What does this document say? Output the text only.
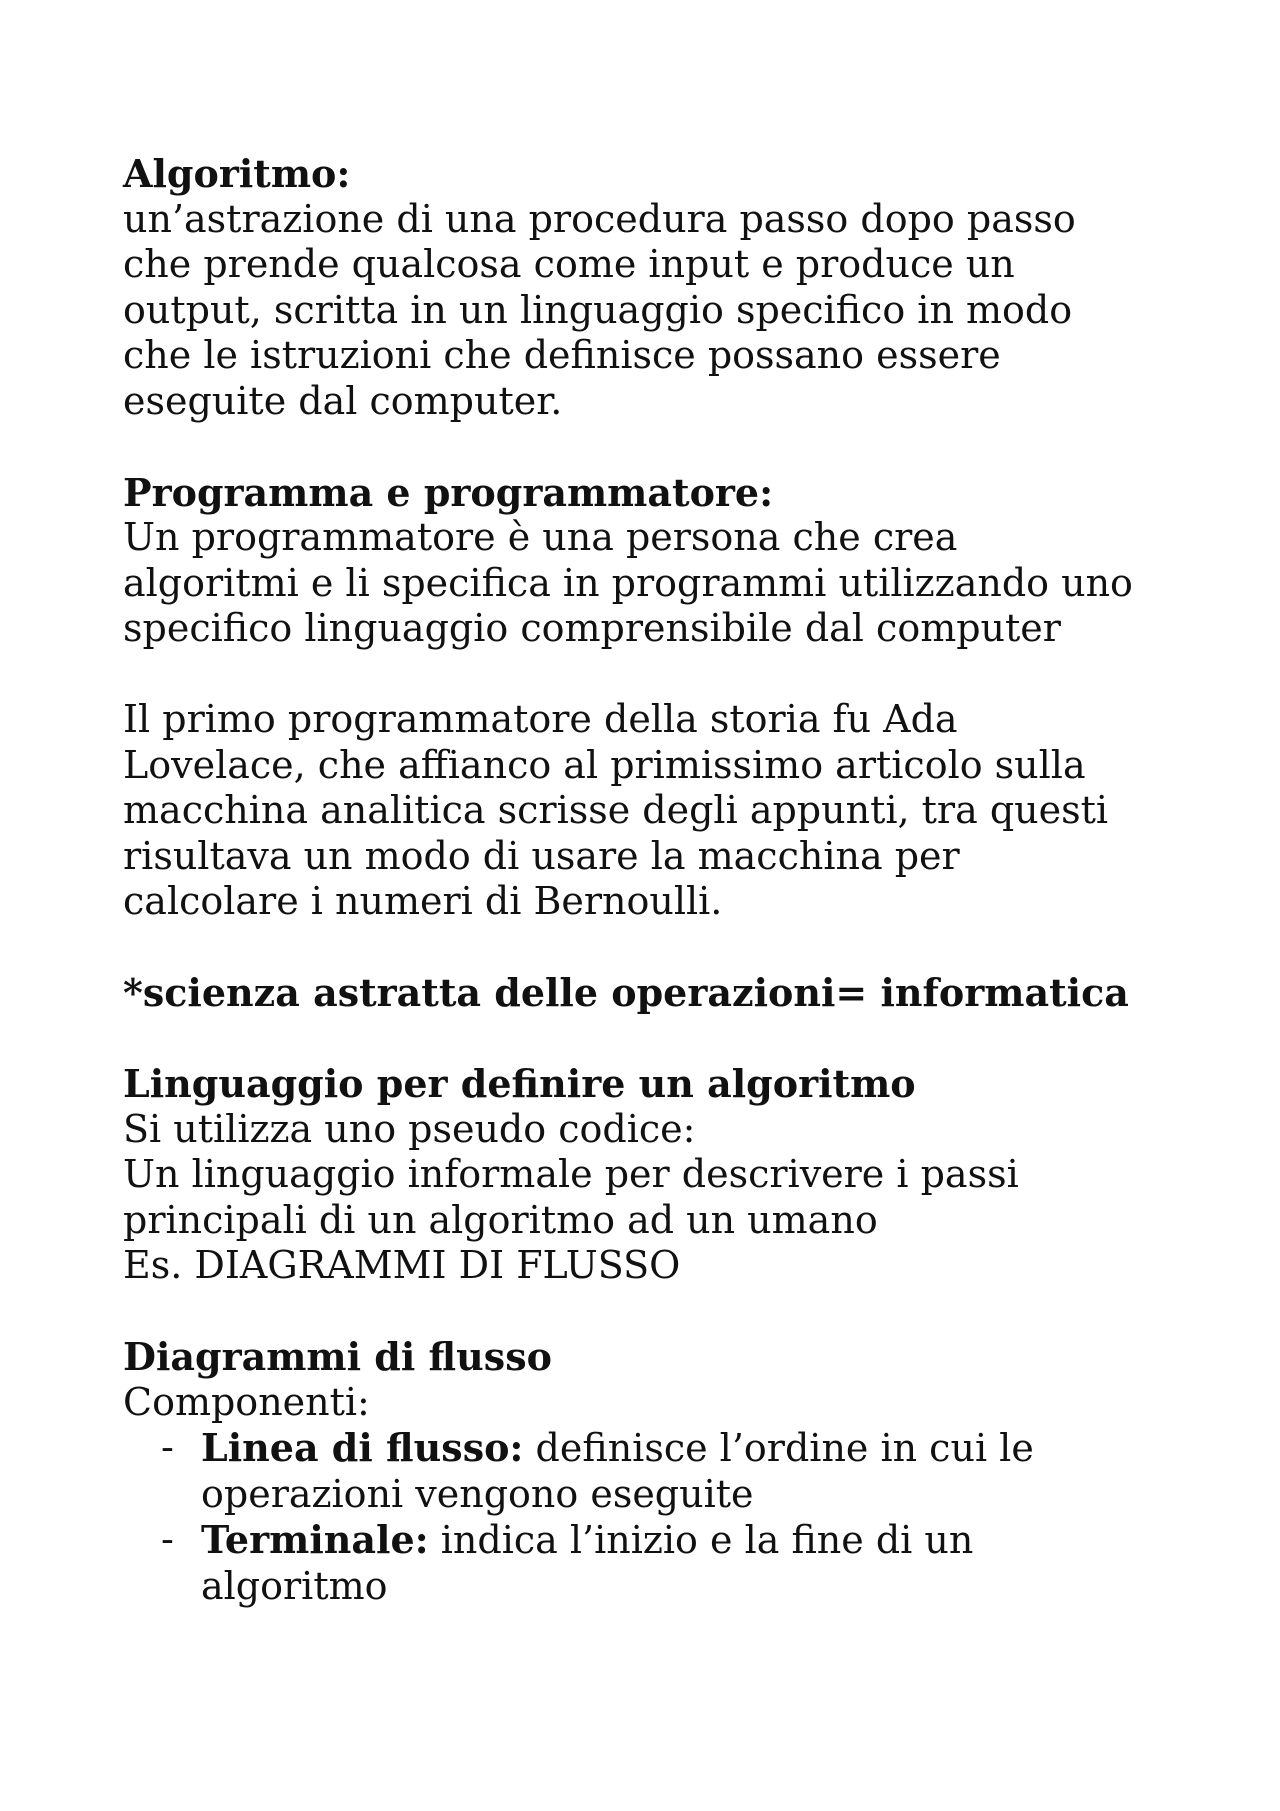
Algoritmo:
un’astrazione di una procedura passo dopo passo
che prende qualcosa come input e produce un
output, scritta in un linguaggio specifico in modo
che le istruzioni che definisce possano essere
eseguite dal computer.
Programma e programmatore:
Un programmatore è una persona che crea
algoritmi e li specifica in programmi utilizzando uno
specifico linguaggio comprensibile dal computer
Il primo programmatore della storia fu Ada
Lovelace, che affianco al primissimo articolo sulla
macchina analitica scrisse degli appunti, tra questi
risultava un modo di usare la macchina per
calcolare i numeri di Bernoulli.
*scienza astratta delle operazioni= informatica
Linguaggio per definire un algoritmo
Si utilizza uno pseudo codice:
Un linguaggio informale per descrivere i passi
principali di un algoritmo ad un umano
Es. DIAGRAMMI DI FLUSSO
Diagrammi di flusso
Componenti:
- Linea di flusso: definisce l’ordine in cui le
operazioni vengono eseguite
- Terminale: indica l’inizio e la fine di un
algoritmo
